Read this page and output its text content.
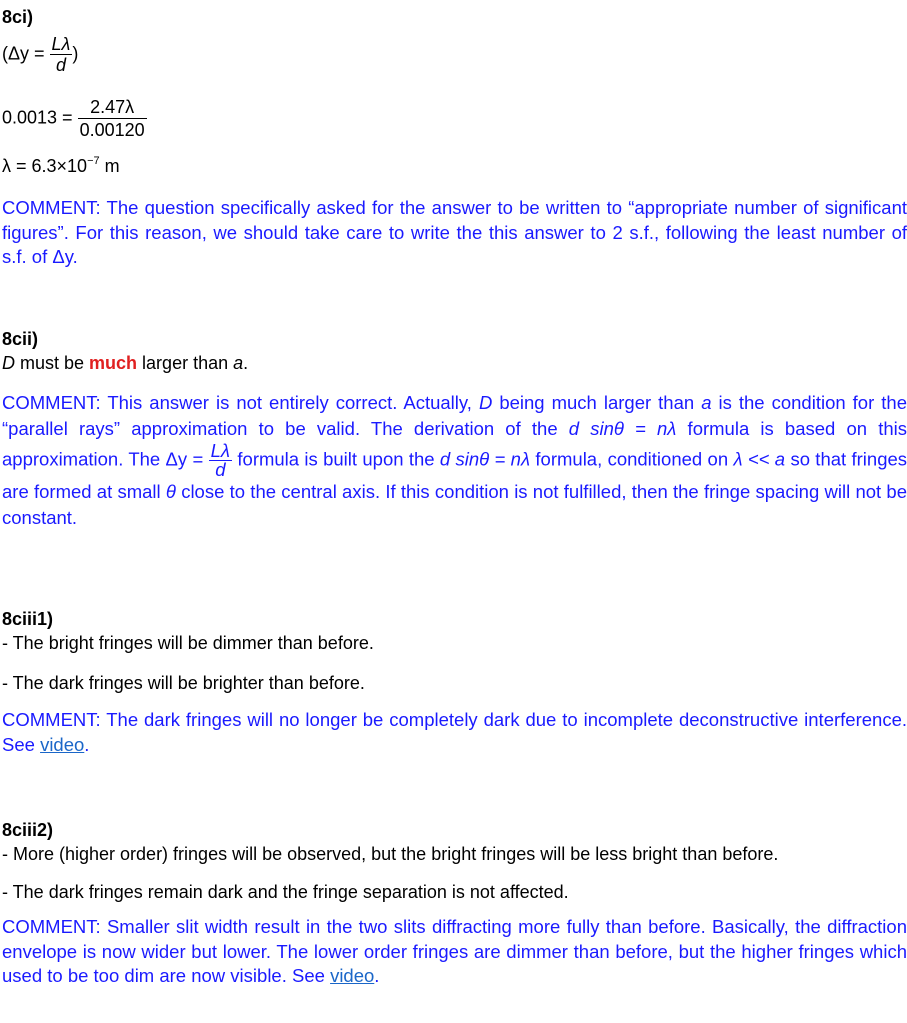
8ci)

($\Delta y = \frac{L\lambda}{d}$ )
$0.0013 = \frac{2.47\lambda}{0.00120}$
$\lambda = 6.3\times 10^{-7}$ m

COMMENT: The question specifically asked for the answer to be written to “appropriate number of significant figures”. For this reason, we should take care to write the this answer to 2 s.f., following the least number of s.f. of Δy.

8cii)

D must be much larger than a.

COMMENT: This answer is not entirely correct. Actually, D being much larger than a is the condition for the “parallel rays” approximation to be valid. The derivation of the d sinθ = nλ formula is based on this approximation. The $\Delta y = \frac{L\lambda}{d}$ formula is built upon the d sinθ = nλ formula, conditioned on λ << a so that fringes are formed at small θ close to the central axis. If this condition is not fulfilled, then the fringe spacing will not be constant.

8ciii1)

- The bright fringes will be dimmer than before.

- The dark fringes will be brighter than before.

COMMENT: The dark fringes will no longer be completely dark due to incomplete deconstructive interference. See video.

8ciii2)

- More (higher order) fringes will be observed, but the bright fringes will be less bright than before.

- The dark fringes remain dark and the fringe separation is not affected.

COMMENT: Smaller slit width result in the two slits diffracting more fully than before. Basically, the diffraction envelope is now wider but lower. The lower order fringes are dimmer than before, but the higher fringes which used to be too dim are now visible. See video.
